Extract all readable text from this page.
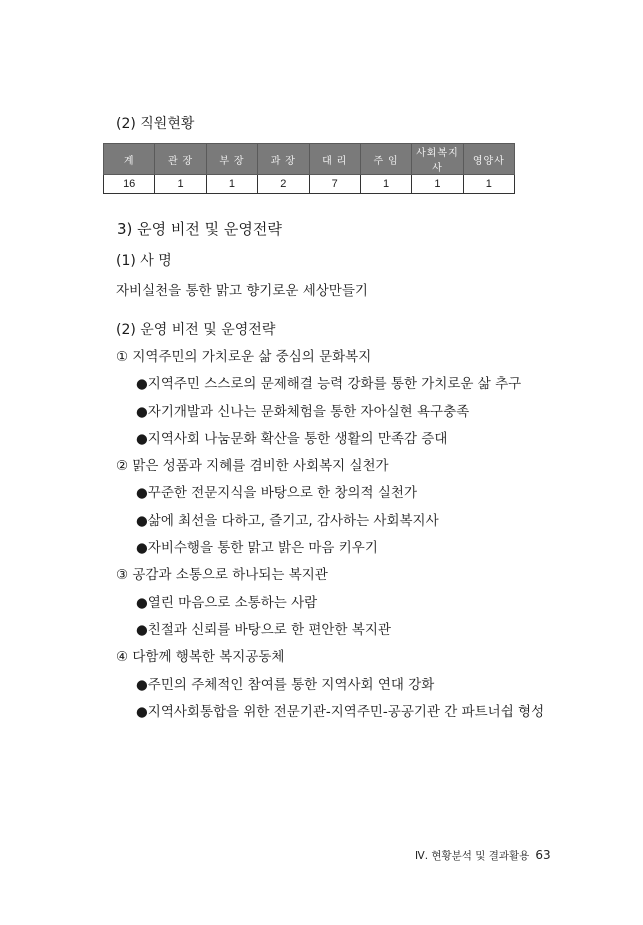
(2) 직원현황
계	관 장	부 장	과 장	대 리	주 임	사회복지사	영양사
16	1	1	2	7	1	1	1
3) 운영 비전 및 운영전략
(1) 사 명
자비실천을 통한 맑고 향기로운 세상만들기
(2) 운영 비전 및 운영전략
① 지역주민의 가치로운 삶 중심의 문화복지
●지역주민 스스로의 문제해결 능력 강화를 통한 가치로운 삶 추구
●자기개발과 신나는 문화체험을 통한 자아실현 욕구충족
●지역사회 나눔문화 확산을 통한 생활의 만족감 증대
② 맑은 성품과 지혜를 겸비한 사회복지 실천가
●꾸준한 전문지식을 바탕으로 한 창의적 실천가
●삶에 최선을 다하고, 즐기고, 감사하는 사회복지사
●자비수행을 통한 맑고 밝은 마음 키우기
③ 공감과 소통으로 하나되는 복지관
●열린 마음으로 소통하는 사람
●친절과 신뢰를 바탕으로 한 편안한 복지관
④ 다함께 행복한 복지공동체
●주민의 주체적인 참여를 통한 지역사회 연대 강화
●지역사회통합을 위한 전문기관-지역주민-공공기관 간 파트너쉽 형성
Ⅳ. 현황분석 및 결과활용 63
